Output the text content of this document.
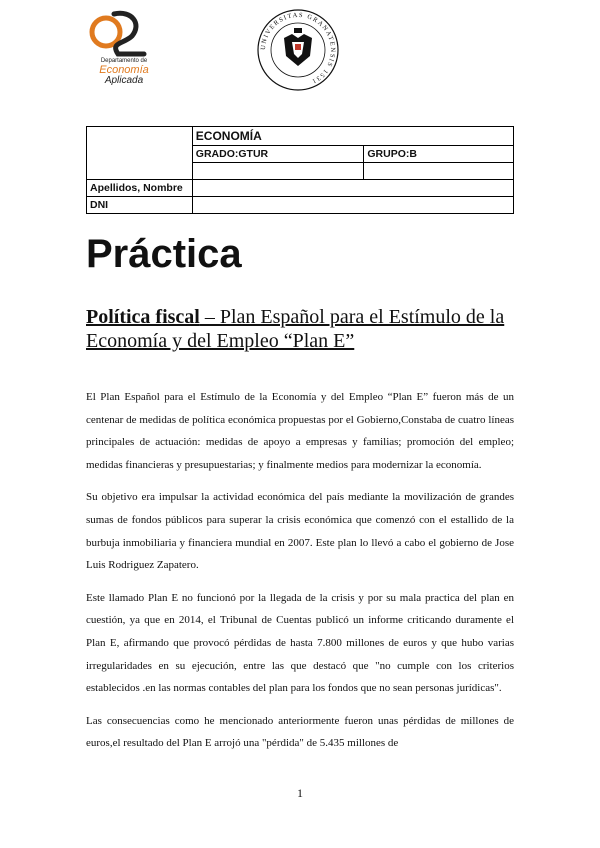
Departamento de
Economía
Aplicada
UNIVERSITAS GRANATENSIS 1531
	ECONOMÍA	
	GRADO:GTUR	GRUPO:B

Apellidos, Nombre		
DNI		
Práctica
Política fiscal – Plan Español para el Estímulo de la Economía y del Empleo “Plan E”

El Plan Español para el Estímulo de la Economía y del Empleo “Plan E” fueron más de un centenar de medidas de política económica propuestas por el Gobierno,Constaba de cuatro líneas principales de actuación: medidas de apoyo a empresas y familias; promoción del empleo; medidas financieras y presupuestarias; y finalmente medios para modernizar la economía.

Su objetivo era impulsar la actividad económica del país mediante la movilización de grandes sumas de fondos públicos para superar la crisis económica que comenzó con el estallido de la burbuja inmobiliaria y financiera mundial en 2007. Este plan lo llevó a cabo el gobierno de Jose Luis Rodriguez Zapatero.

Este llamado Plan E no funcionó por la llegada de la crisis y por su mala practica del plan en cuestión, ya que en 2014, el Tribunal de Cuentas publicó un informe criticando duramente el Plan E, afirmando que provocó pérdidas de hasta 7.800 millones de euros y que hubo varias irregularidades en su ejecución, entre las que destacó que "no cumple con los criterios establecidos .en las normas contables del plan para los fondos que no sean personas jurídicas".

Las consecuencias como he mencionado anteriormente fueron unas pérdidas de millones de euros,el resultado del Plan E arrojó una "pérdida" de 5.435 millones de

1
